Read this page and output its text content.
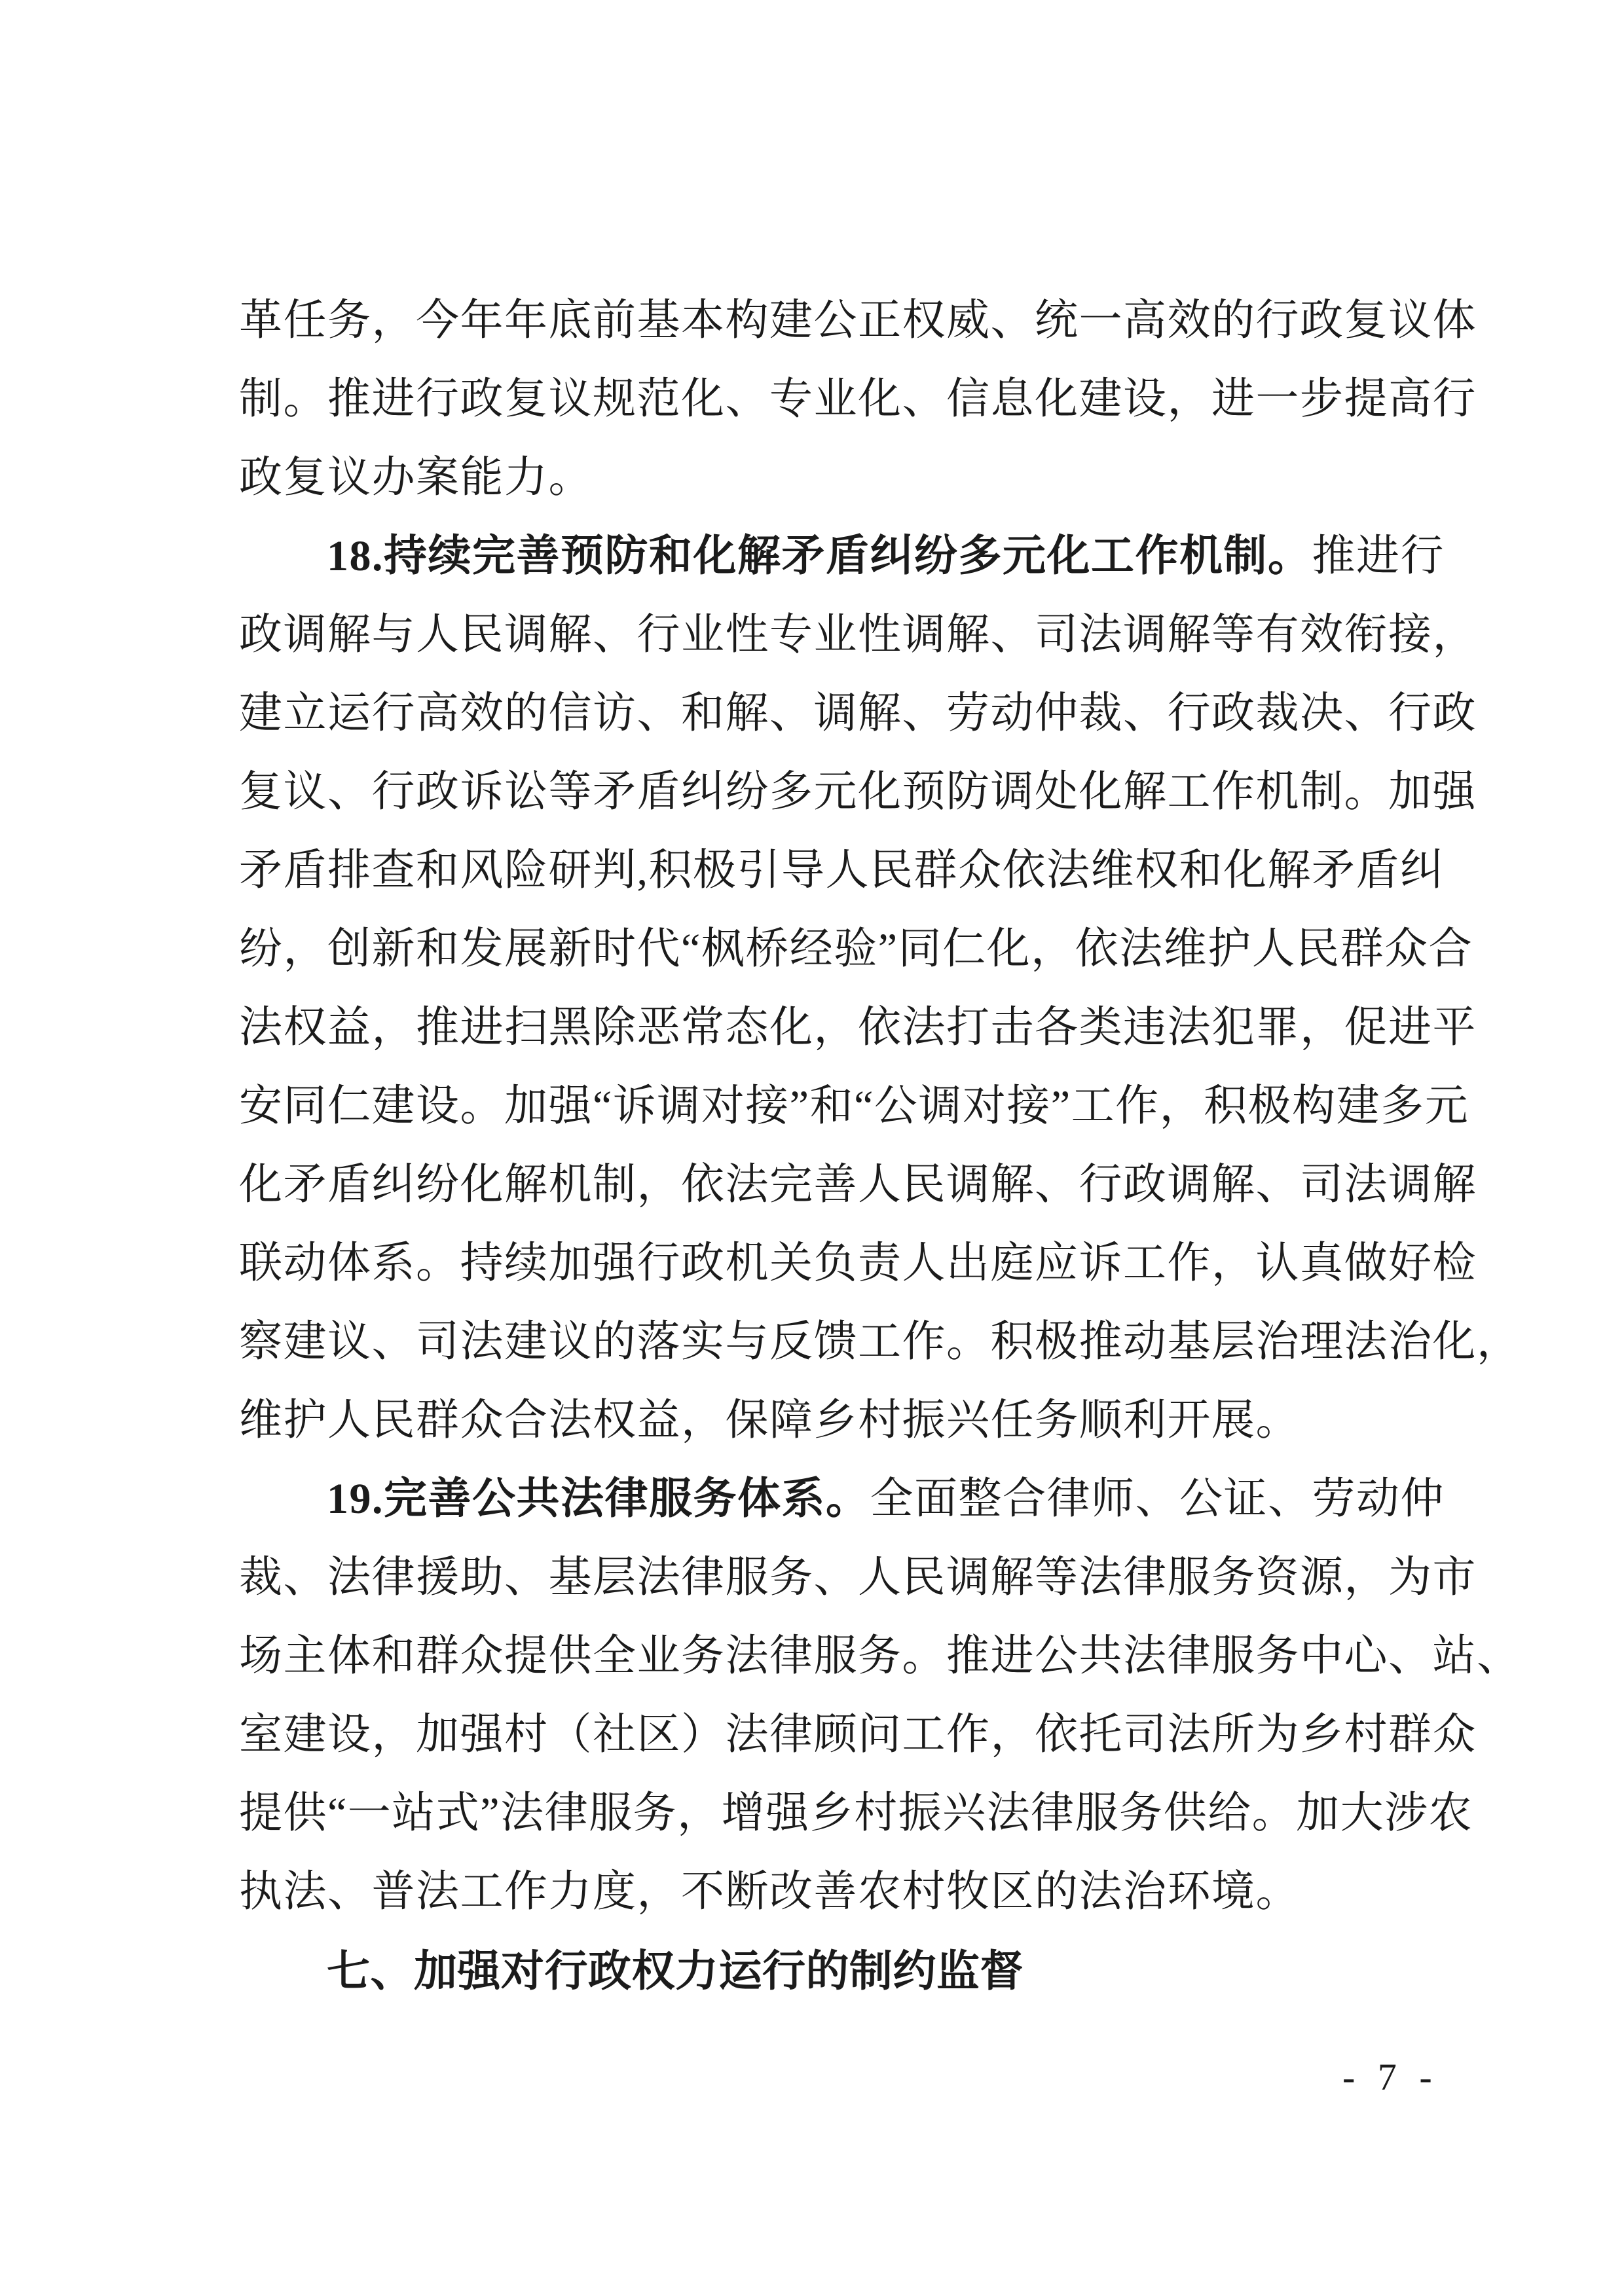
革任务，今年年底前基本构建公正权威、统一高效的行政复议体
制。推进行政复议规范化、专业化、信息化建设，进一步提高行
政复议办案能力。
18.持续完善预防和化解矛盾纠纷多元化工作机制。推进行
政调解与人民调解、行业性专业性调解、司法调解等有效衔接，
建立运行高效的信访、和解、调解、劳动仲裁、行政裁决、行政
复议、行政诉讼等矛盾纠纷多元化预防调处化解工作机制。加强
矛盾排查和风险研判,积极引导人民群众依法维权和化解矛盾纠
纷，创新和发展新时代“枫桥经验”同仁化，依法维护人民群众合
法权益，推进扫黑除恶常态化，依法打击各类违法犯罪，促进平
安同仁建设。加强“诉调对接”和“公调对接”工作，积极构建多元
化矛盾纠纷化解机制，依法完善人民调解、行政调解、司法调解
联动体系。持续加强行政机关负责人出庭应诉工作，认真做好检
察建议、司法建议的落实与反馈工作。积极推动基层治理法治化，
维护人民群众合法权益，保障乡村振兴任务顺利开展。
19.完善公共法律服务体系。全面整合律师、公证、劳动仲
裁、法律援助、基层法律服务、人民调解等法律服务资源，为市
场主体和群众提供全业务法律服务。推进公共法律服务中心、站、
室建设，加强村（社区）法律顾问工作，依托司法所为乡村群众
提供“一站式”法律服务，增强乡村振兴法律服务供给。加大涉农
执法、普法工作力度，不断改善农村牧区的法治环境。
七、加强对行政权力运行的制约监督
- 7 -
